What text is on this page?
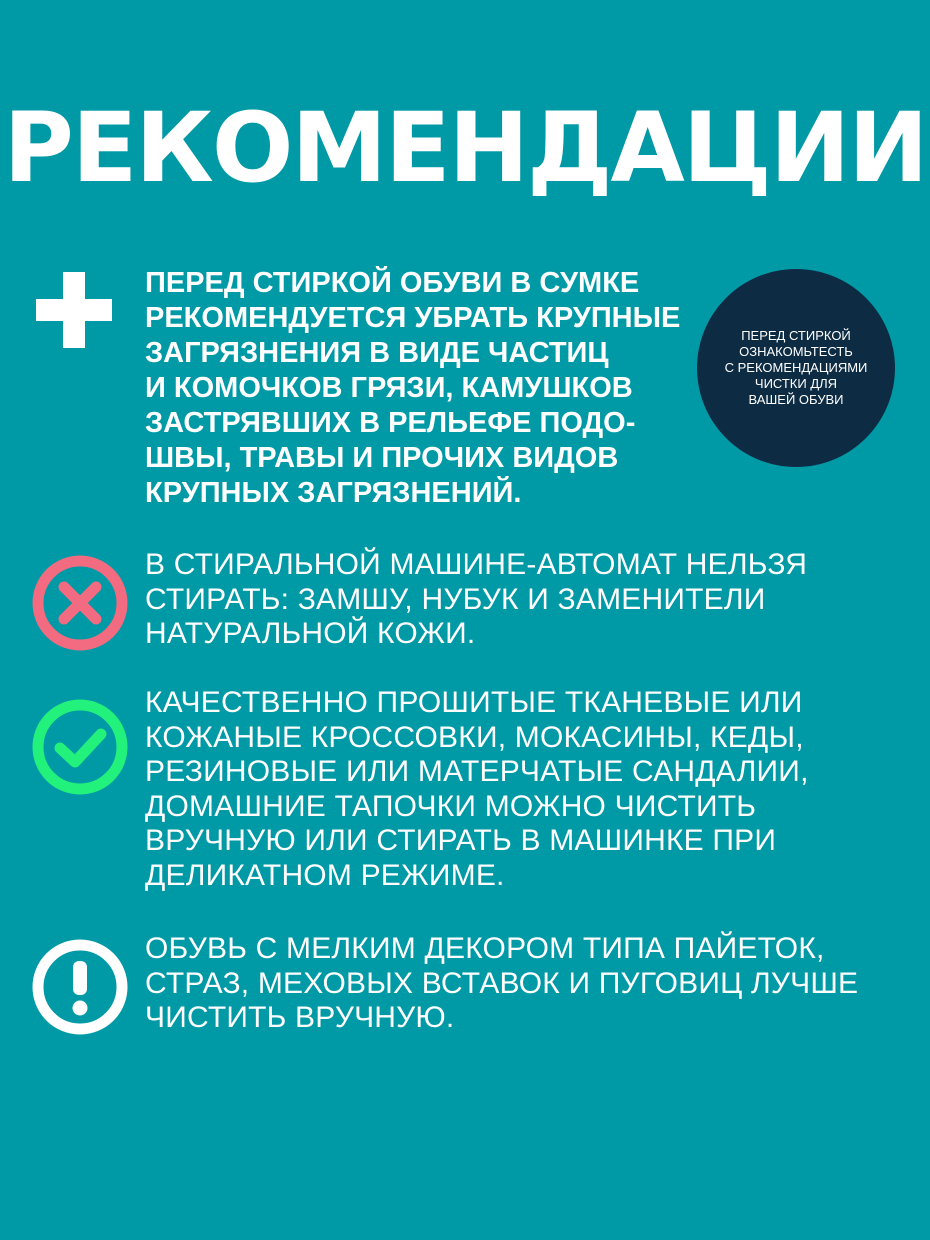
РЕКОМЕНДАЦИИ

ПЕРЕД СТИРКОЙ ОБУВИ В СУМКЕ
РЕКОМЕНДУЕТСЯ УБРАТЬ КРУПНЫЕ
ЗАГРЯЗНЕНИЯ В ВИДЕ ЧАСТИЦ
И КОМОЧКОВ ГРЯЗИ, КАМУШКОВ
ЗАСТРЯВШИХ В РЕЛЬЕФЕ ПОДО-
ШВЫ, ТРАВЫ И ПРОЧИХ ВИДОВ
КРУПНЫХ ЗАГРЯЗНЕНИЙ.

ПЕРЕД СТИРКОЙ
ОЗНАКОМЬТЕСТЬ
С РЕКОМЕНДАЦИЯМИ
ЧИСТКИ ДЛЯ
ВАШЕЙ ОБУВИ

В СТИРАЛЬНОЙ МАШИНЕ-АВТОМАТ НЕЛЬЗЯ
СТИРАТЬ: ЗАМШУ, НУБУК И ЗАМЕНИТЕЛИ
НАТУРАЛЬНОЙ КОЖИ.

КАЧЕСТВЕННО ПРОШИТЫЕ ТКАНЕВЫЕ ИЛИ
КОЖАНЫЕ КРОССОВКИ, МОКАСИНЫ, КЕДЫ,
РЕЗИНОВЫЕ ИЛИ МАТЕРЧАТЫЕ САНДАЛИИ,
ДОМАШНИЕ ТАПОЧКИ МОЖНО ЧИСТИТЬ
ВРУЧНУЮ ИЛИ СТИРАТЬ В МАШИНКЕ ПРИ
ДЕЛИКАТНОМ РЕЖИМЕ.

ОБУВЬ С МЕЛКИМ ДЕКОРОМ ТИПА ПАЙЕТОК,
СТРАЗ, МЕХОВЫХ ВСТАВОК И ПУГОВИЦ ЛУЧШЕ
ЧИСТИТЬ ВРУЧНУЮ.
